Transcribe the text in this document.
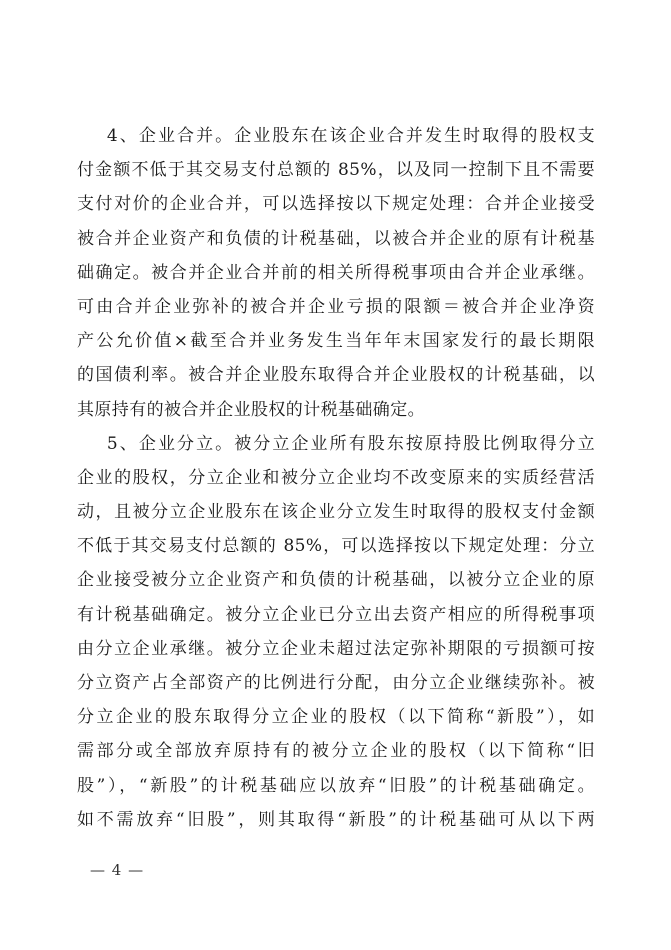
4、企业合并。企业股东在该企业合并发生时取得的股权支
付金额不低于其交易支付总额的 85%，以及同一控制下且不需要
支付对价的企业合并，可以选择按以下规定处理：合并企业接受
被合并企业资产和负债的计税基础，以被合并企业的原有计税基
础确定。被合并企业合并前的相关所得税事项由合并企业承继。
可由合并企业弥补的被合并企业亏损的限额＝被合并企业净资
产公允价值×截至合并业务发生当年年末国家发行的最长期限
的国债利率。被合并企业股东取得合并企业股权的计税基础，以
其原持有的被合并企业股权的计税基础确定。
5、企业分立。被分立企业所有股东按原持股比例取得分立
企业的股权，分立企业和被分立企业均不改变原来的实质经营活
动，且被分立企业股东在该企业分立发生时取得的股权支付金额
不低于其交易支付总额的 85%，可以选择按以下规定处理：分立
企业接受被分立企业资产和负债的计税基础，以被分立企业的原
有计税基础确定。被分立企业已分立出去资产相应的所得税事项
由分立企业承继。被分立企业未超过法定弥补期限的亏损额可按
分立资产占全部资产的比例进行分配，由分立企业继续弥补。被
分立企业的股东取得分立企业的股权（以下简称“新股”），如
需部分或全部放弃原持有的被分立企业的股权（以下简称“旧
股”），“新股”的计税基础应以放弃“旧股”的计税基础确定。
如不需放弃“旧股”，则其取得“新股”的计税基础可从以下两
— 4 —
